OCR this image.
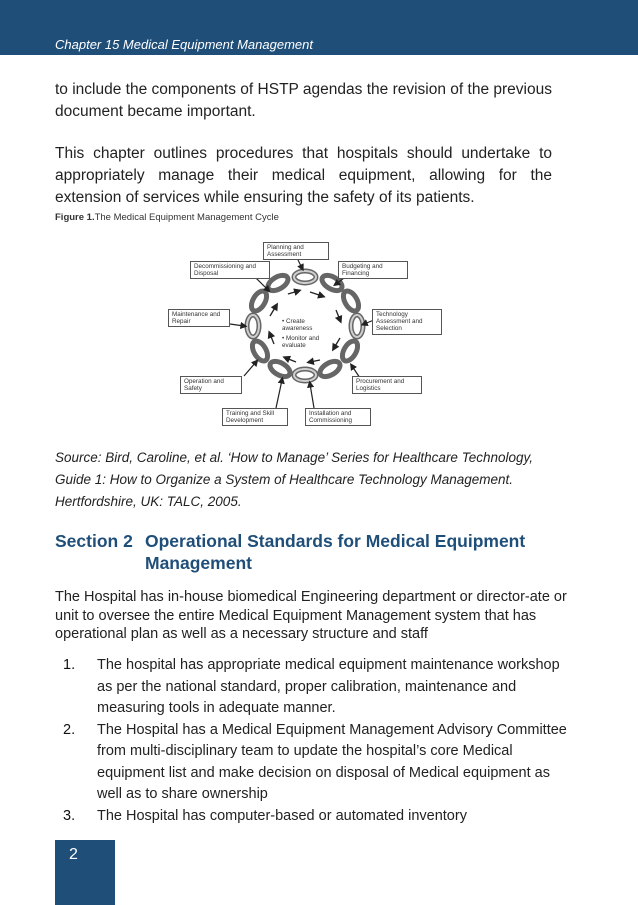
Chapter 15 Medical Equipment Management

to include the components of HSTP agendas the revision of the previous document became important.

This chapter outlines procedures that hospitals should undertake to appropriately manage their medical equipment, allowing for the extension of services while ensuring the safety of its patients.

Figure 1.The Medical Equipment Management Cycle
Planning and Assessment
Budgeting and Financing
Decommissioning and Disposal
Technology Assessment and Selection
Maintenance and Repair
Procurement and Logistics
Operation and Safety
Installation and Commissioning
Training and Skill Development
• Create awareness
• Monitor and evaluate

Source: Bird, Caroline, et al. ‘How to Manage’ Series for Healthcare Technology, Guide 1: How to Organize a System of Healthcare Technology Management. Hertfordshire, UK: TALC, 2005.

Section 2 Operational Standards for Medical Equipment
Management

The Hospital has in-house biomedical Engineering department or director-ate or unit to oversee the entire Medical Equipment Management system that has operational plan as well as a necessary structure and staff

1. The hospital has appropriate medical equipment maintenance workshop as per the national standard, proper calibration, maintenance and measuring tools in adequate manner.
2. The Hospital has a Medical Equipment Management Advisory Committee from multi-disciplinary team to update the hospital’s core Medical equipment list and make decision on disposal of Medical equipment as well as to share ownership
3. The Hospital has computer-based or automated inventory
2
